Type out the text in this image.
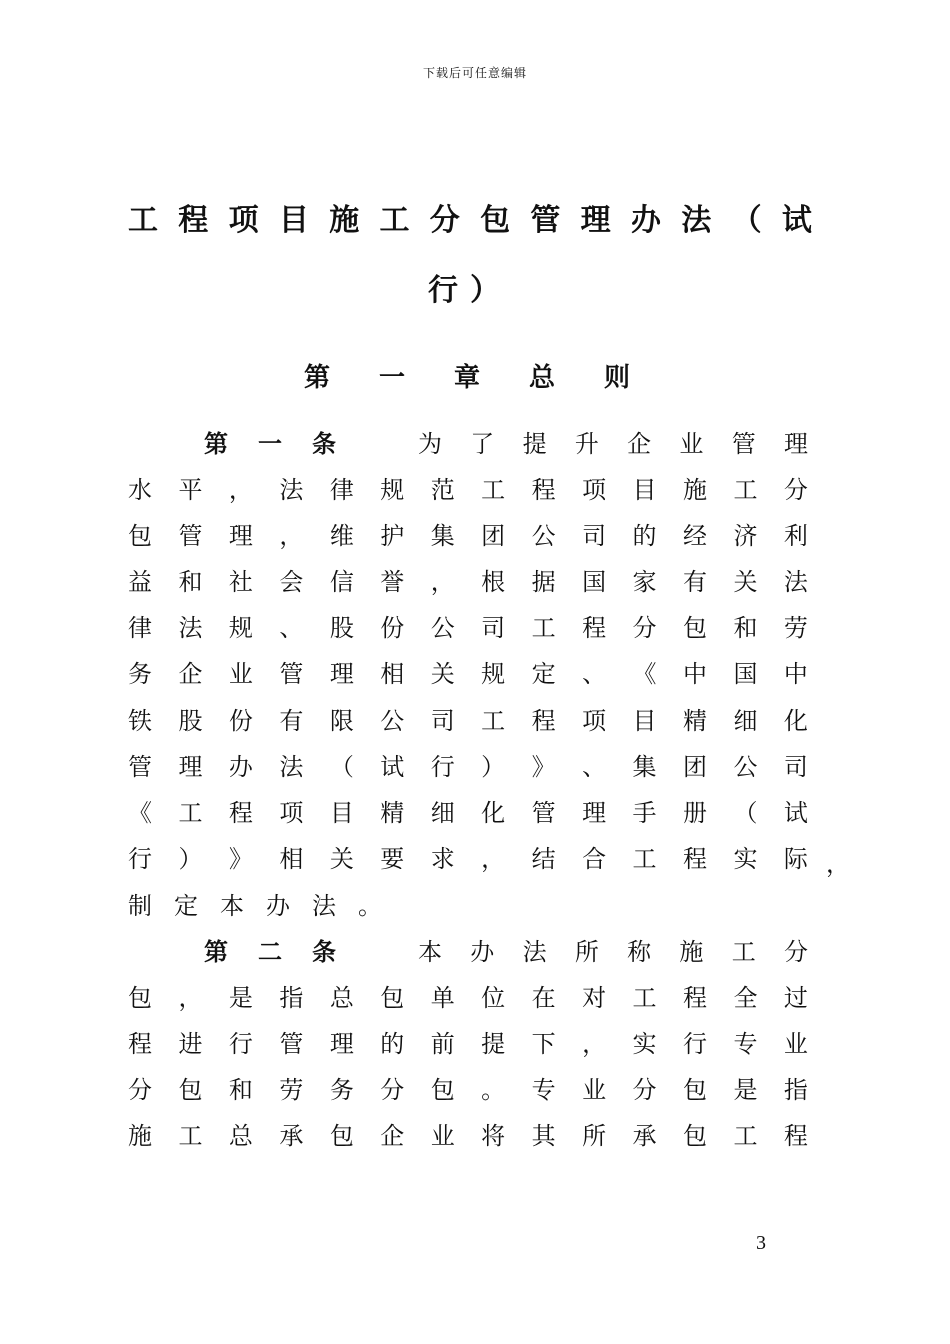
下载后可任意编辑
工 程 项 目 施 工 分 包 管 理 办 法 （ 试
行 ）
第 一 章 总 则
第 一 条	为 了 提 升 企 业 管 理
水 平 ， 法 律 规 范 工 程 项 目 施 工 分
包 管 理 ， 维 护 集 团 公 司 的 经 济 利
益 和 社 会 信 誉 ， 根 据 国 家 有 关 法
律 法 规 、 股 份 公 司 工 程 分 包 和 劳
务 企 业 管 理 相 关 规 定 、 《 中 国 中
铁 股 份 有 限 公 司 工 程 项 目 精 细 化
管 理 办 法 （ 试 行 ） 》 、 集 团 公 司
《 工 程 项 目 精 细 化 管 理 手 册 （ 试
行 ） 》 相 关 要 求 ， 结 合 工 程 实 际 ，
制 定 本 办 法 。
第 二 条	本 办 法 所 称 施 工 分
包 ， 是 指 总 包 单 位 在 对 工 程 全 过
程 进 行 管 理 的 前 提 下 ， 实 行 专 业
分 包 和 劳 务 分 包 。 专 业 分 包 是 指
施 工 总 承 包 企 业 将 其 所 承 包 工 程
3
